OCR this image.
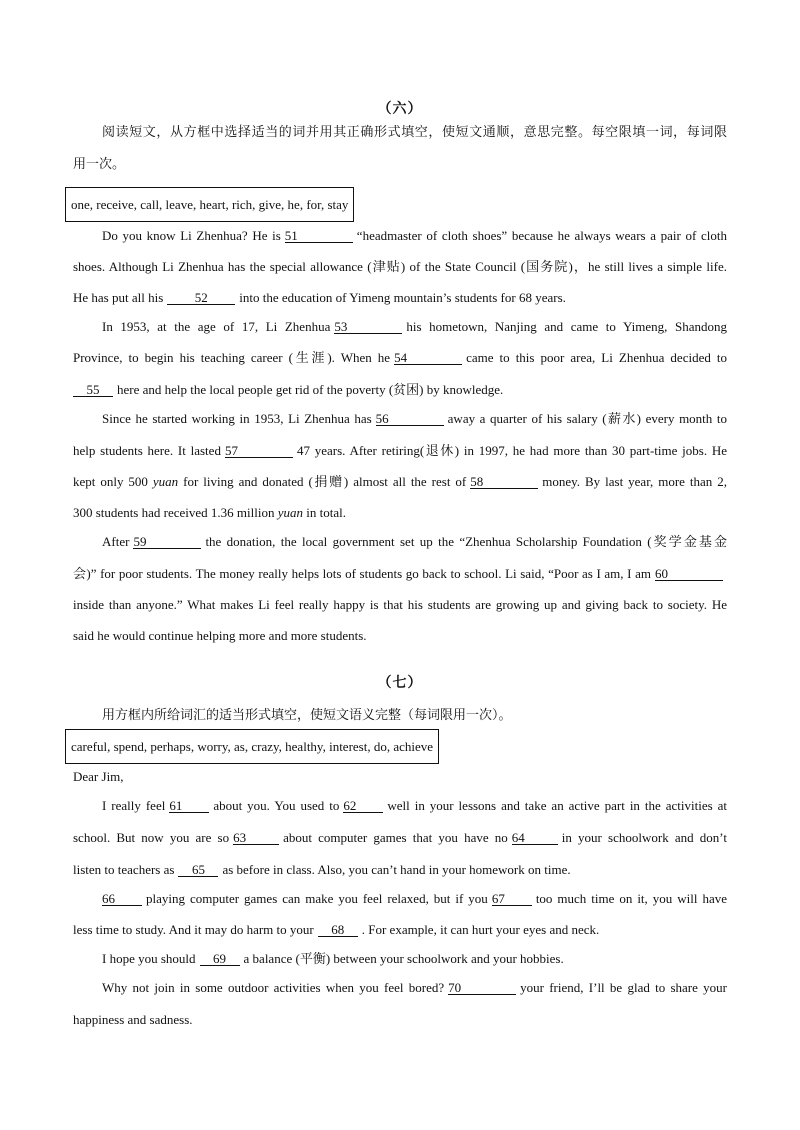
（六）
阅读短文，从方框中选择适当的词并用其正确形式填空，使短文通顺，意思完整。每空限填一词，每词限
用一次。
one, receive, call, leave, heart, rich, give, he, for, stay
Do you know Li Zhenhua? He is 51	“headmaster of cloth shoes” because he always wears a pair of cloth
shoes. Although Li Zhenhua has the special allowance (津贴) of the State Council (国务院)，he still lives a simple life.
He has put all his 52 into the education of Yimeng mountain’s students for 68 years.
In 1953, at the age of 17, Li Zhenhua 53	his hometown, Nanjing and came to Yimeng, Shandong
Province, to begin his teaching career (生涯). When he 54	came to this poor area, Li Zhenhua decided to
55 here and help the local people get rid of the poverty (贫困) by knowledge.
Since he started working in 1953, Li Zhenhua has 56	away a quarter of his salary (薪水) every month to
help students here. It lasted 57	47 years. After retiring(退休) in 1997, he had more than 30 part-time jobs. He
kept only 500 yuan for living and donated (捐赠) almost all the rest of 58	money. By last year, more than 2,
300 students had received 1.36 million yuan in total.
After 59	the donation, the local government set up the “Zhenhua Scholarship Foundation (奖学金基金
会)” for poor students. The money really helps lots of students go back to school. Li said, “Poor as I am, I am 60
inside than anyone.” What makes Li feel really happy is that his students are growing up and giving back to society. He
said he would continue helping more and more students.
（七）
用方框内所给词汇的适当形式填空，使短文语义完整（每词限用一次）。
careful, spend, perhaps, worry, as, crazy, healthy, interest, do, achieve
Dear Jim,
I really feel 61 about you. You used to 62 well in your lessons and take an active part in the activities at
school. But now you are so 63	about computer games that you have no 64	in your schoolwork and don’t
listen to teachers as 65 as before in class. Also, you can’t hand in your homework on time.
66 playing computer games can make you feel relaxed, but if you 67 too much time on it, you will have
less time to study. And it may do harm to your 68 . For example, it can hurt your eyes and neck.
I hope you should 69 a balance (平衡) between your schoolwork and your hobbies.
Why not join in some outdoor activities when you feel bored? 70	your friend, I’ll be glad to share your
happiness and sadness.
